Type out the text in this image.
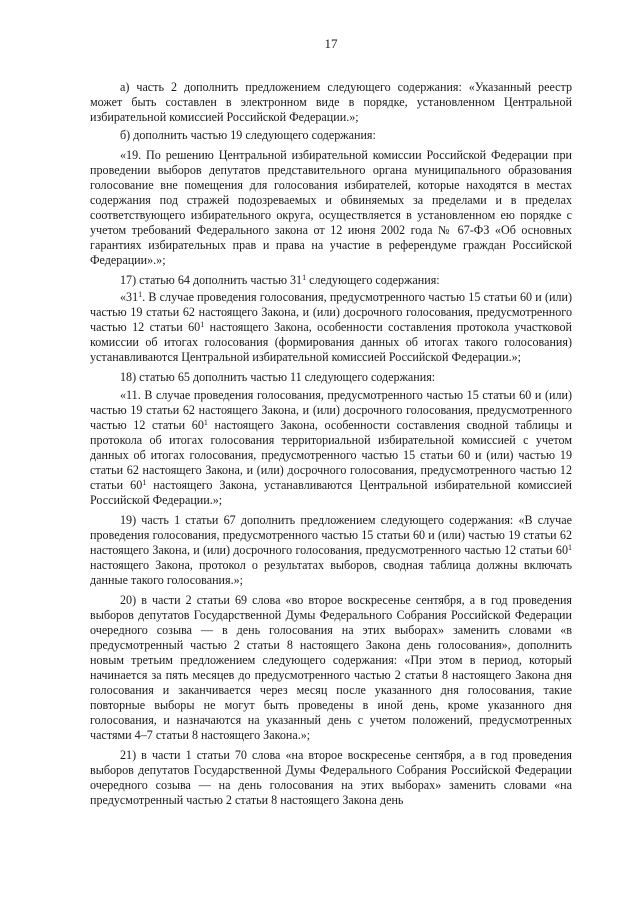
17

а) часть 2 дополнить предложением следующего содержания: «Указанный реестр может быть составлен в электронном виде в порядке, установленном Центральной избирательной комиссией Российской Федерации.»;

б) дополнить частью 19 следующего содержания:

«19. По решению Центральной избирательной комиссии Российской Федерации при проведении выборов депутатов представительного органа муниципального образования голосование вне помещения для голосования избирателей, которые находятся в местах содержания под стражей подозреваемых и обвиняемых за пределами и в пределах соответствующего избирательного округа, осуществляется в установленном ею порядке с учетом требований Федерального закона от 12 июня 2002 года № 67-ФЗ «Об основных гарантиях избирательных прав и права на участие в референдуме граждан Российской Федерации».»;

17) статью 64 дополнить частью $31^1$ следующего содержания:

«$31^1$. В случае проведения голосования, предусмотренного частью 15 статьи 60 и (или) частью 19 статьи 62 настоящего Закона, и (или) досрочного голосования, предусмотренного частью 12 статьи $60^1$ настоящего Закона, особенности составления протокола участковой комиссии об итогах голосования (формирования данных об итогах такого голосования) устанавливаются Центральной избирательной комиссией Российской Федерации.»;

18) статью 65 дополнить частью 11 следующего содержания:

«11. В случае проведения голосования, предусмотренного частью 15 статьи 60 и (или) частью 19 статьи 62 настоящего Закона, и (или) досрочного голосования, предусмотренного частью 12 статьи $60^1$ настоящего Закона, особенности составления сводной таблицы и протокола об итогах голосования территориальной избирательной комиссией с учетом данных об итогах голосования, предусмотренного частью 15 статьи 60 и (или) частью 19 статьи 62 настоящего Закона, и (или) досрочного голосования, предусмотренного частью 12 статьи $60^1$ настоящего Закона, устанавливаются Центральной избирательной комиссией Российской Федерации.»;

19) часть 1 статьи 67 дополнить предложением следующего содержания: «В случае проведения голосования, предусмотренного частью 15 статьи 60 и (или) частью 19 статьи 62 настоящего Закона, и (или) досрочного голосования, предусмотренного частью 12 статьи $60^1$ настоящего Закона, протокол о результатах выборов, сводная таблица должны включать данные такого голосования.»;

20) в части 2 статьи 69 слова «во второе воскресенье сентября, а в год проведения выборов депутатов Государственной Думы Федерального Собрания Российской Федерации очередного созыва — в день голосования на этих выборах» заменить словами «в предусмотренный частью 2 статьи 8 настоящего Закона день голосования», дополнить новым третьим предложением следующего содержания: «При этом в период, который начинается за пять месяцев до предусмотренного частью 2 статьи 8 настоящего Закона дня голосования и заканчивается через месяц после указанного дня голосования, такие повторные выборы не могут быть проведены в иной день, кроме указанного дня голосования, и назначаются на указанный день с учетом положений, предусмотренных частями 4–7 статьи 8 настоящего Закона.»;

21) в части 1 статьи 70 слова «на второе воскресенье сентября, а в год проведения выборов депутатов Государственной Думы Федерального Собрания Российской Федерации очередного созыва — на день голосования на этих выборах» заменить словами «на предусмотренный частью 2 статьи 8 настоящего Закона день
